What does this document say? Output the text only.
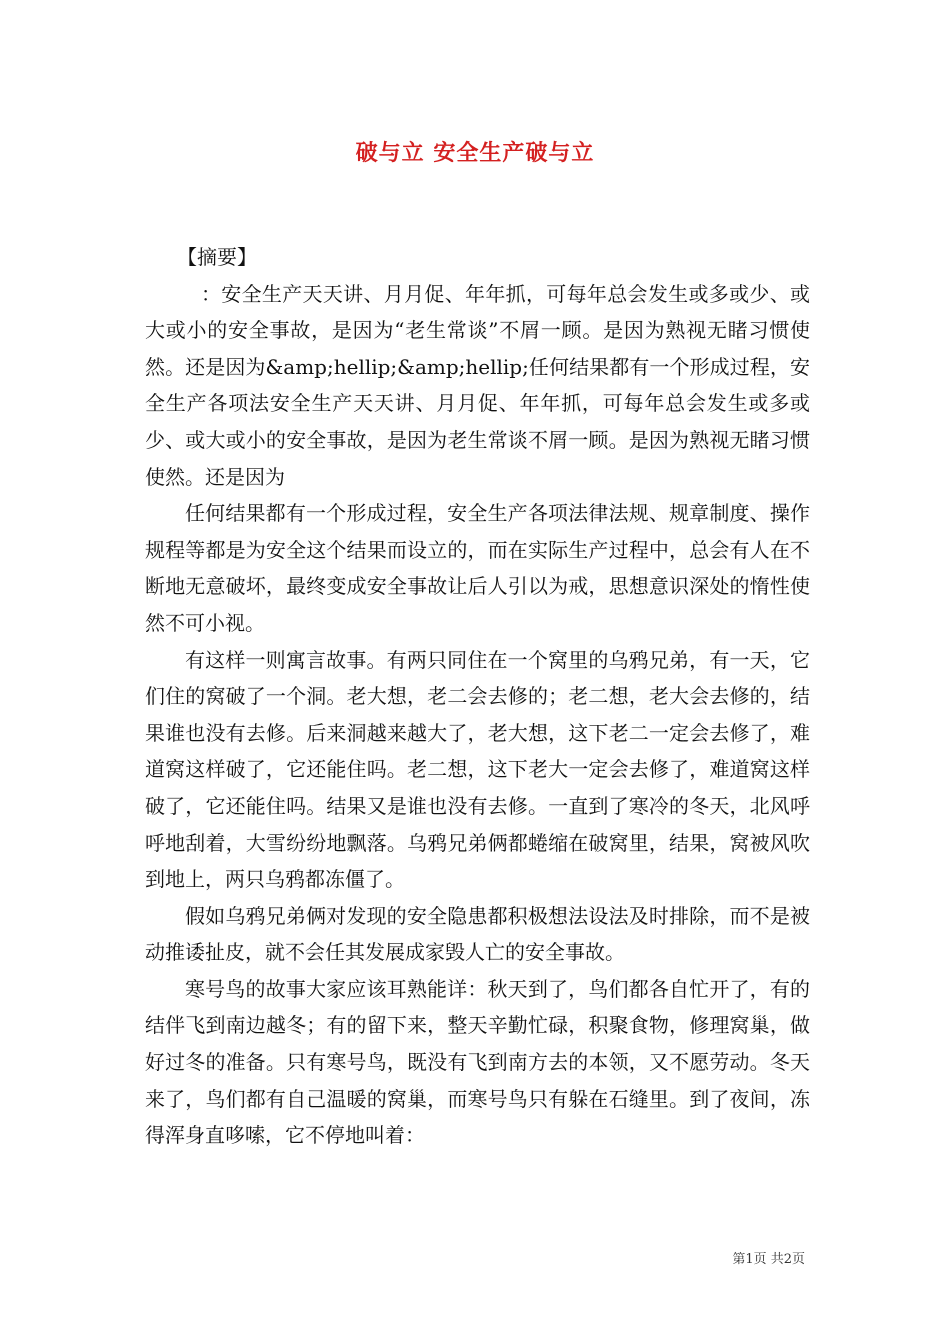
破与立 安全生产破与立

【摘要】

：安全生产天天讲、月月促、年年抓，可每年总会发生或多或少、或大或小的安全事故，是因为“老生常谈”不屑一顾。是因为熟视无睹习惯使然。还是因为&amp;hellip;&amp;hellip;任何结果都有一个形成过程，安全生产各项法安全生产天天讲、月月促、年年抓，可每年总会发生或多或少、或大或小的安全事故，是因为老生常谈不屑一顾。是因为熟视无睹习惯使然。还是因为

任何结果都有一个形成过程，安全生产各项法律法规、规章制度、操作规程等都是为安全这个结果而设立的，而在实际生产过程中，总会有人在不断地无意破坏，最终变成安全事故让后人引以为戒，思想意识深处的惰性使然不可小视。

有这样一则寓言故事。有两只同住在一个窝里的乌鸦兄弟，有一天，它们住的窝破了一个洞。老大想，老二会去修的；老二想，老大会去修的，结果谁也没有去修。后来洞越来越大了，老大想，这下老二一定会去修了，难道窝这样破了，它还能住吗。老二想，这下老大一定会去修了，难道窝这样破了，它还能住吗。结果又是谁也没有去修。一直到了寒冷的冬天，北风呼呼地刮着，大雪纷纷地飘落。乌鸦兄弟俩都蜷缩在破窝里，结果，窝被风吹到地上，两只乌鸦都冻僵了。

假如乌鸦兄弟俩对发现的安全隐患都积极想法设法及时排除，而不是被动推诿扯皮，就不会任其发展成家毁人亡的安全事故。

寒号鸟的故事大家应该耳熟能详：秋天到了，鸟们都各自忙开了，有的结伴飞到南边越冬；有的留下来，整天辛勤忙碌，积聚食物，修理窝巢，做好过冬的准备。只有寒号鸟，既没有飞到南方去的本领，又不愿劳动。冬天来了，鸟们都有自己温暖的窝巢，而寒号鸟只有躲在石缝里。到了夜间，冻得浑身直哆嗦，它不停地叫着：

第1页 共2页
